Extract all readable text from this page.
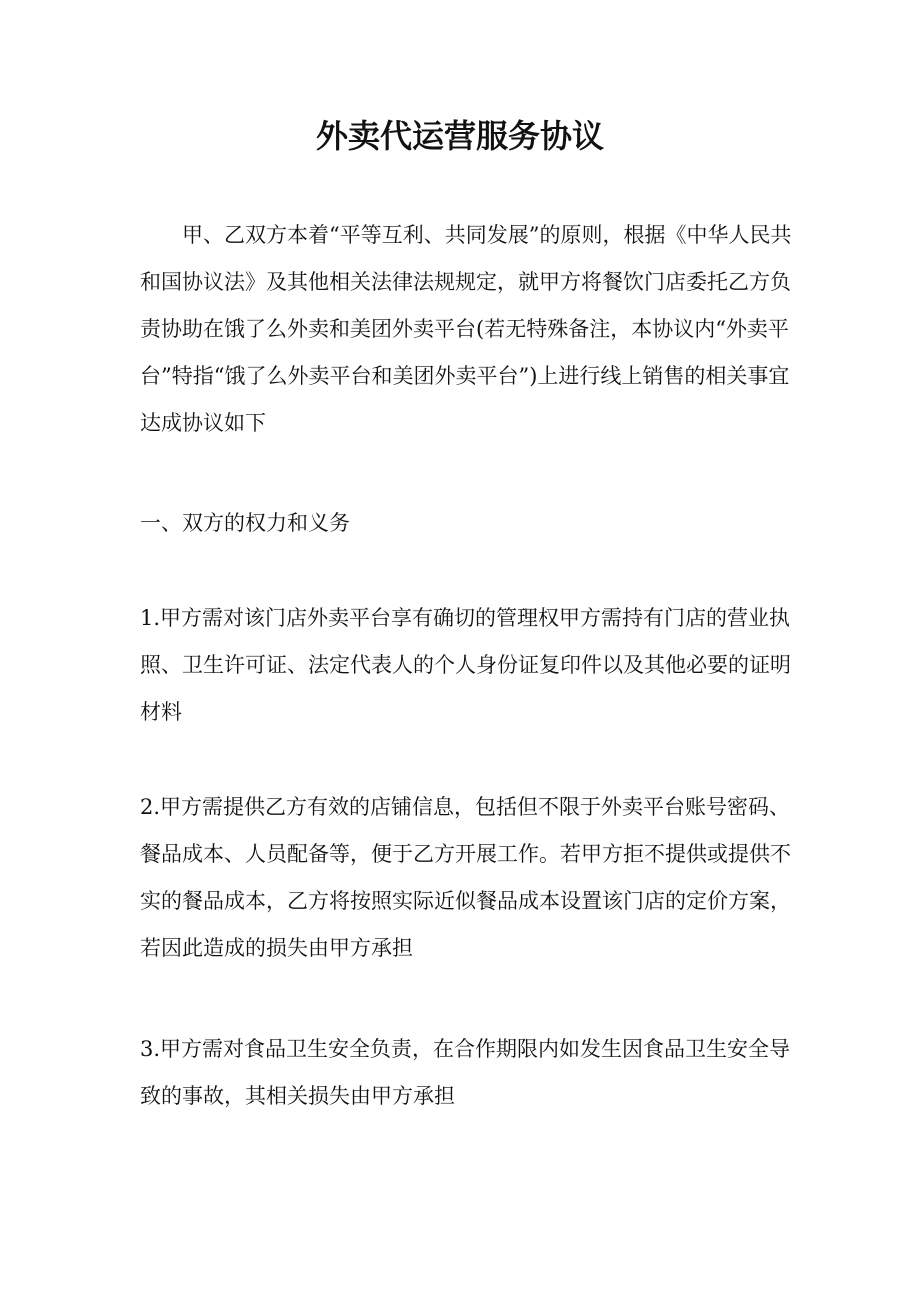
外卖代运营服务协议

甲、乙双方本着“平等互利、共同发展”的原则，根据《中华人民共和国协议法》及其他相关法律法规规定，就甲方将餐饮门店委托乙方负责协助在饿了么外卖和美团外卖平台(若无特殊备注，本协议内“外卖平台”特指“饿了么外卖平台和美团外卖平台”)上进行线上销售的相关事宜达成协议如下

一、双方的权力和义务

1.甲方需对该门店外卖平台享有确切的管理权甲方需持有门店的营业执照、卫生许可证、法定代表人的个人身份证复印件以及其他必要的证明材料

2.甲方需提供乙方有效的店铺信息，包括但不限于外卖平台账号密码、餐品成本、人员配备等，便于乙方开展工作。若甲方拒不提供或提供不实的餐品成本，乙方将按照实际近似餐品成本设置该门店的定价方案，若因此造成的损失由甲方承担

3.甲方需对食品卫生安全负责，在合作期限内如发生因食品卫生安全导致的事故，其相关损失由甲方承担
